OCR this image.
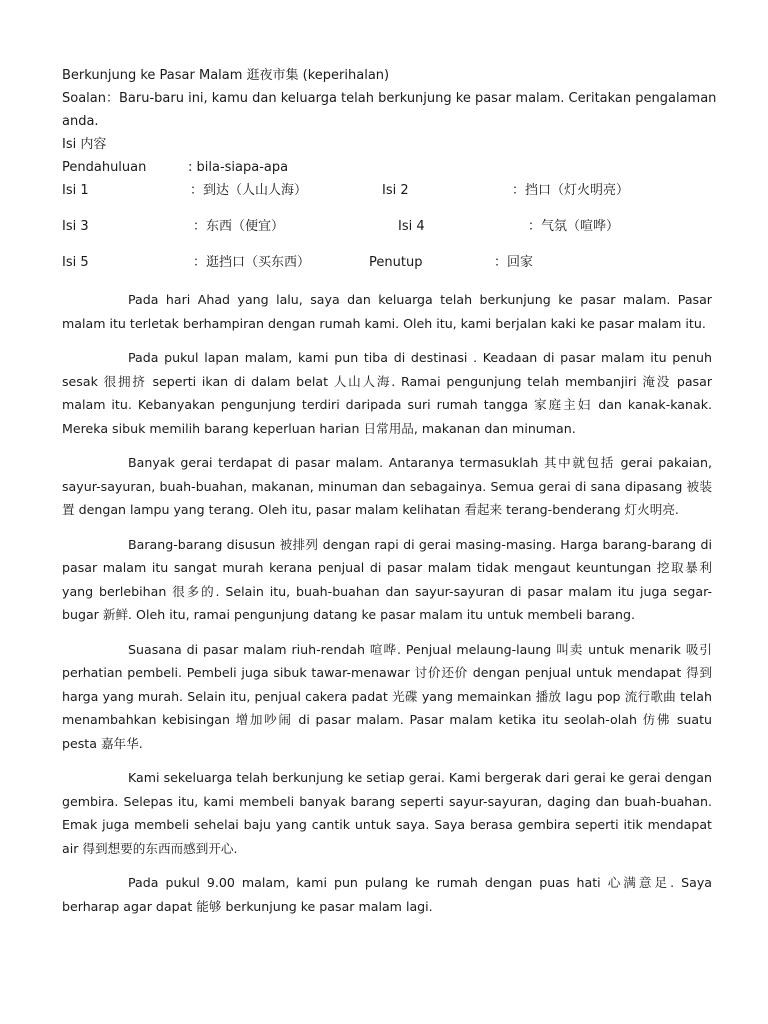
Berkunjung ke Pasar Malam 逛夜市集 (keperihalan)
Soalan：Baru-baru ini, kamu dan keluarga telah berkunjung ke pasar malam. Ceritakan pengalaman
anda.
Isi 内容
Pendahuluan	: bila-siapa-apa
Isi 1	：到达（人山人海）	Isi 2	：挡口（灯火明亮）
Isi 3	：东西（便宜）	Isi 4	：气氛（喧哗）
Isi 5	：逛挡口（买东西）	Penutup	：回家

Pada hari Ahad yang lalu, saya dan keluarga telah berkunjung ke pasar malam. Pasar malam itu terletak berhampiran dengan rumah kami. Oleh itu, kami berjalan kaki ke pasar malam itu.

Pada pukul lapan malam, kami pun tiba di destinasi . Keadaan di pasar malam itu penuh sesak 很拥挤 seperti ikan di dalam belat 人山人海. Ramai pengunjung telah membanjiri 淹没 pasar malam itu. Kebanyakan pengunjung terdiri daripada suri rumah tangga 家庭主妇 dan kanak-kanak. Mereka sibuk memilih barang keperluan harian 日常用品, makanan dan minuman.

Banyak gerai terdapat di pasar malam. Antaranya termasuklah 其中就包括 gerai pakaian, sayur-sayuran, buah-buahan, makanan, minuman dan sebagainya. Semua gerai di sana dipasang 被装置 dengan lampu yang terang. Oleh itu, pasar malam kelihatan 看起来 terang-benderang 灯火明亮.

Barang-barang disusun 被排列 dengan rapi di gerai masing-masing. Harga barang-barang di pasar malam itu sangat murah kerana penjual di pasar malam tidak mengaut keuntungan 挖取暴利 yang berlebihan 很多的. Selain itu, buah-buahan dan sayur-sayuran di pasar malam itu juga segar-bugar 新鲜. Oleh itu, ramai pengunjung datang ke pasar malam itu untuk membeli barang.

Suasana di pasar malam riuh-rendah 喧哗. Penjual melaung-laung 叫卖 untuk menarik 吸引 perhatian pembeli. Pembeli juga sibuk tawar-menawar 讨价还价 dengan penjual untuk mendapat 得到 harga yang murah. Selain itu, penjual cakera padat 光碟 yang memainkan 播放 lagu pop 流行歌曲 telah menambahkan kebisingan 增加吵闹 di pasar malam. Pasar malam ketika itu seolah-olah 仿佛 suatu pesta 嘉年华.

Kami sekeluarga telah berkunjung ke setiap gerai. Kami bergerak dari gerai ke gerai dengan gembira. Selepas itu, kami membeli banyak barang seperti sayur-sayuran, daging dan buah-buahan. Emak juga membeli sehelai baju yang cantik untuk saya. Saya berasa gembira seperti itik mendapat air 得到想要的东西而感到开心.

Pada pukul 9.00 malam, kami pun pulang ke rumah dengan puas hati 心满意足. Saya berharap agar dapat 能够 berkunjung ke pasar malam lagi.
